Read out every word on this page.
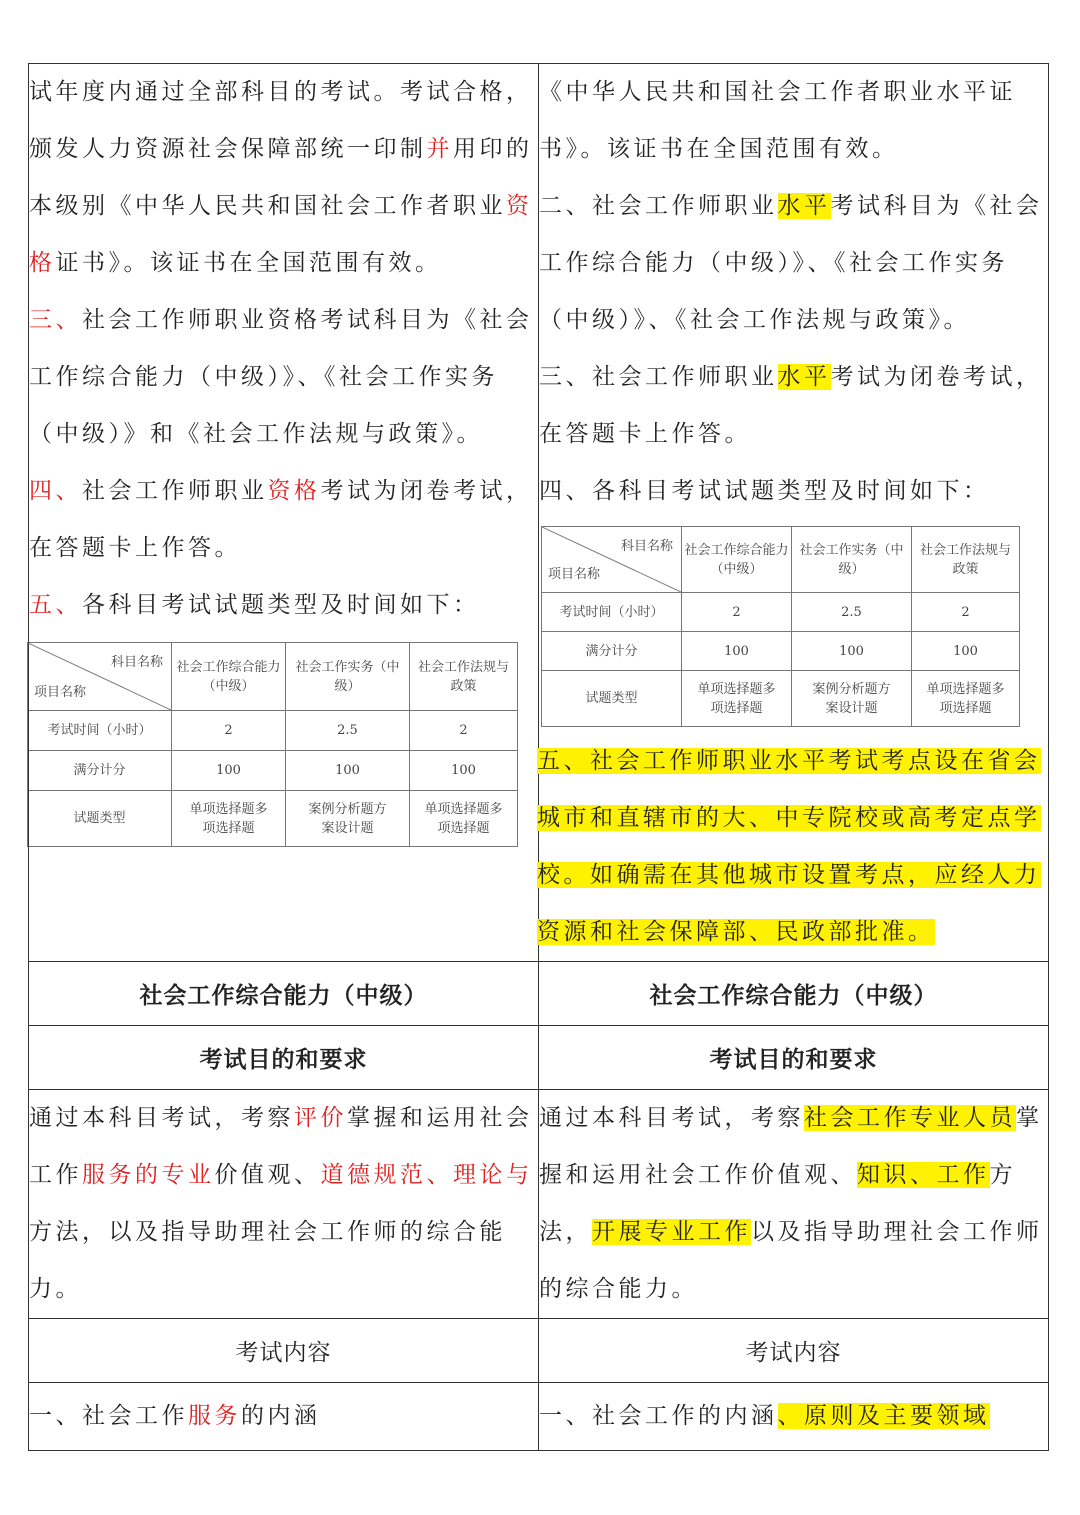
试年度内通过全部科目的考试。考试合格，颁发人力资源社会保障部统一印制并用印的本级别《中华人民共和国社会工作者职业资格证书》。该证书在全国范围有效。

三、社会工作师职业资格考试科目为《社会工作综合能力（中级）》、《社会工作实务（中级）》和《社会工作法规与政策》。

四、社会工作师职业资格考试为闭卷考试，在答题卡上作答。

五、各科目考试试题类型及时间如下：

科目名称
项目名称
	社会工作综合能力（中级）	社会工作实务（中级）	社会工作法规与政策
考试时间（小时）	2	2.5	2
满分计分	100	100	100
试题类型	单项选择题多项选择题	案例分析题方案设计题	单项选择题多项选择题

《中华人民共和国社会工作者职业水平证书》。该证书在全国范围有效。

二、社会工作师职业水平考试科目为《社会工作综合能力（中级）》、《社会工作实务（中级）》、《社会工作法规与政策》。

三、社会工作师职业水平考试为闭卷考试，在答题卡上作答。

四、各科目考试试题类型及时间如下：

科目名称
项目名称
	社会工作综合能力（中级）	社会工作实务（中级）	社会工作法规与政策
考试时间（小时）	2	2.5	2
满分计分	100	100	100
试题类型	单项选择题多项选择题	案例分析题方案设计题	单项选择题多项选择题

五、社会工作师职业水平考试考点设在省会城市和直辖市的大、中专院校或高考定点学校。如确需在其他城市设置考点，应经人力资源和社会保障部、民政部批准。

社会工作综合能力（中级）	社会工作综合能力（中级）
考试目的和要求	考试目的和要求

通过本科目考试，考察评价掌握和运用社会工作服务的专业价值观、道德规范、理论与方法，以及指导助理社会工作师的综合能力。

通过本科目考试，考察社会工作专业人员掌握和运用社会工作价值观、知识、工作方法，开展专业工作以及指导助理社会工作师的综合能力。

考试内容	考试内容

一、社会工作服务的内涵	一、社会工作的内涵、原则及主要领域
